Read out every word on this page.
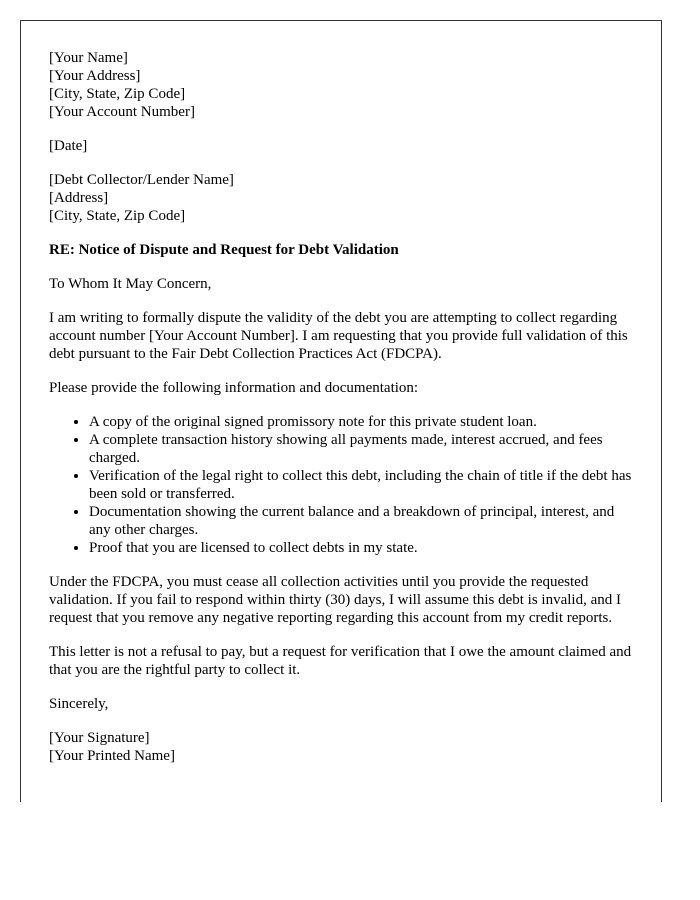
[Your Name]
[Your Address]
[City, State, Zip Code]
[Your Account Number]

[Date]

[Debt Collector/Lender Name]
[Address]
[City, State, Zip Code]

RE: Notice of Dispute and Request for Debt Validation

To Whom It May Concern,

I am writing to formally dispute the validity of the debt you are attempting to collect regarding account number [Your Account Number]. I am requesting that you provide full validation of this debt pursuant to the Fair Debt Collection Practices Act (FDCPA).

Please provide the following information and documentation:

• A copy of the original signed promissory note for this private student loan.
• A complete transaction history showing all payments made, interest accrued, and fees charged.
• Verification of the legal right to collect this debt, including the chain of title if the debt has been sold or transferred.
• Documentation showing the current balance and a breakdown of principal, interest, and any other charges.
• Proof that you are licensed to collect debts in my state.

Under the FDCPA, you must cease all collection activities until you provide the requested validation. If you fail to respond within thirty (30) days, I will assume this debt is invalid, and I request that you remove any negative reporting regarding this account from my credit reports.

This letter is not a refusal to pay, but a request for verification that I owe the amount claimed and that you are the rightful party to collect it.

Sincerely,

[Your Signature]
[Your Printed Name]
